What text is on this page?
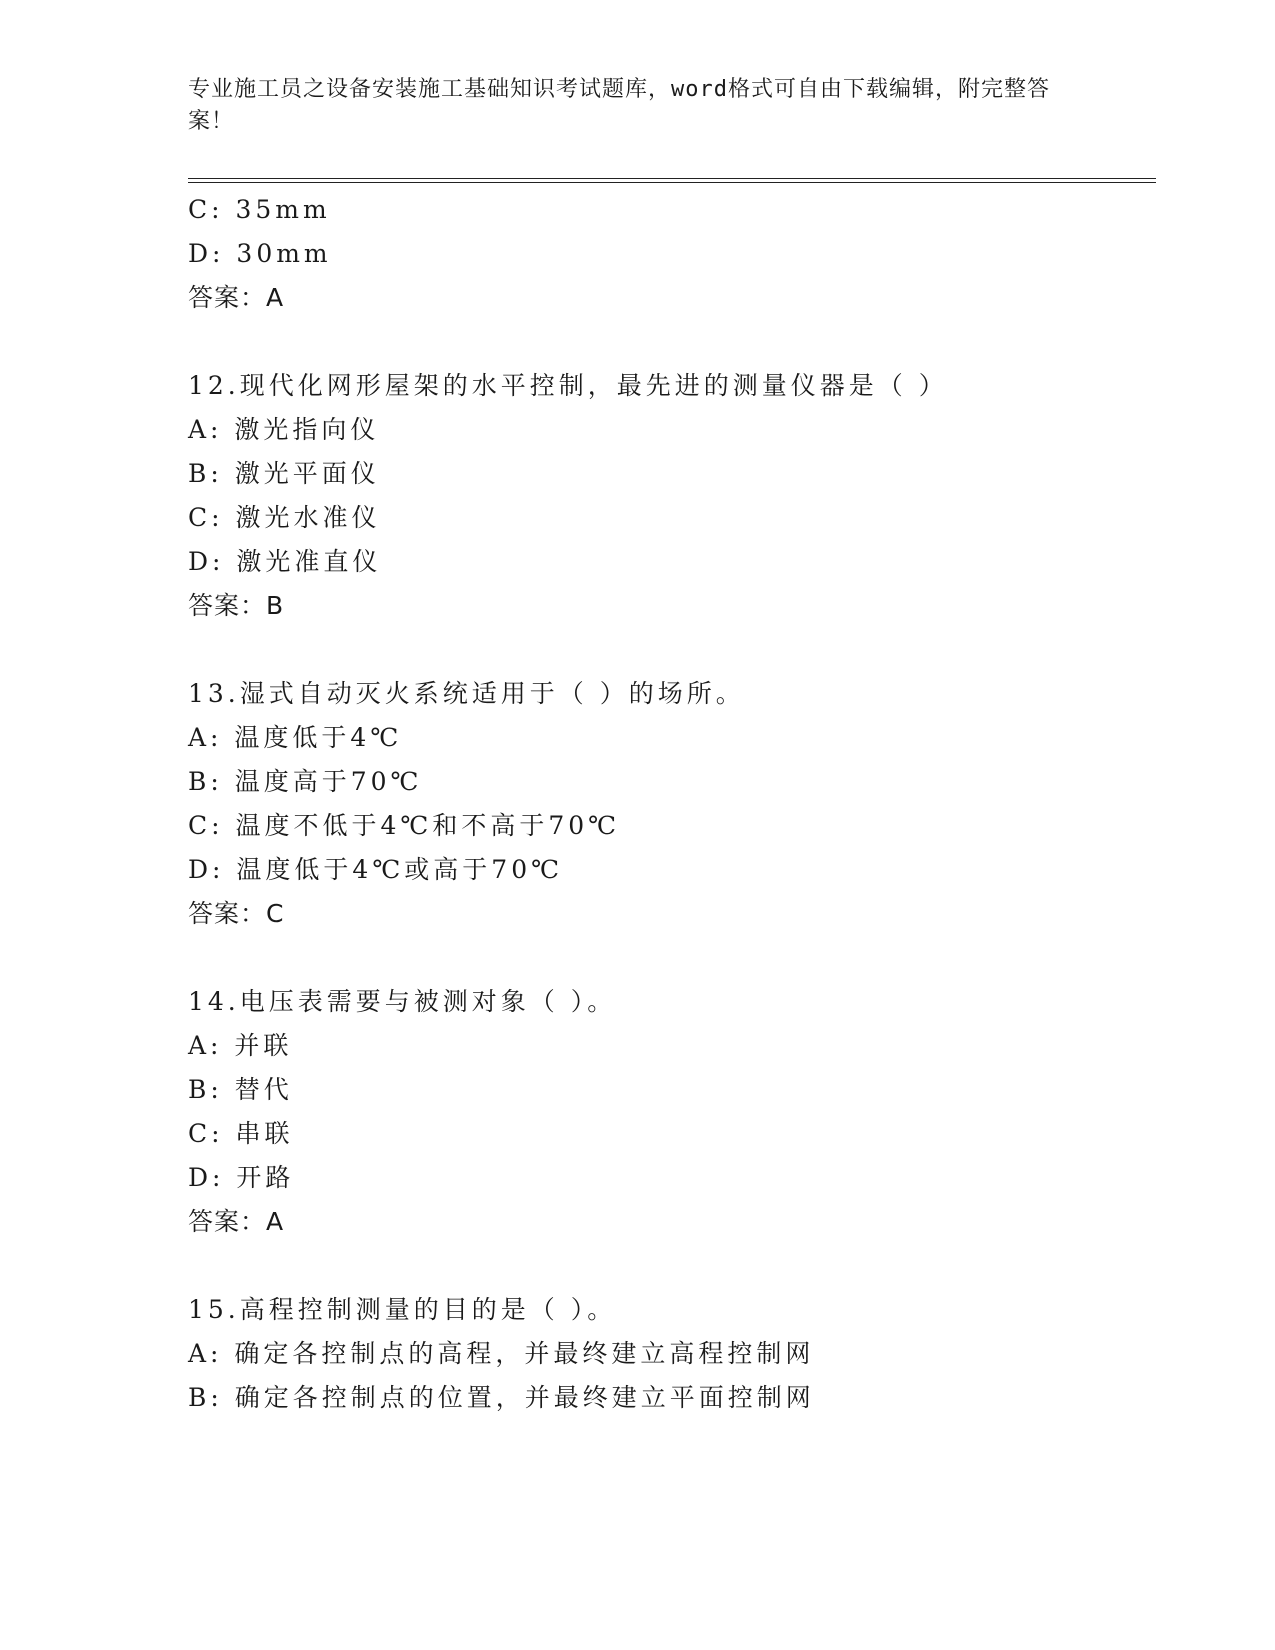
专业施工员之设备安装施工基础知识考试题库，word格式可自由下载编辑，附完整答案！
C: 35mm
D: 30mm
答案：A
12.现代化网形屋架的水平控制，最先进的测量仪器是（ ）
A: 激光指向仪
B: 激光平面仪
C: 激光水准仪
D: 激光准直仪
答案：B
13.湿式自动灭火系统适用于（ ）的场所。
A: 温度低于4℃
B: 温度高于70℃
C: 温度不低于4℃和不高于70℃
D: 温度低于4℃或高于70℃
答案：C
14.电压表需要与被测对象（ ）。
A: 并联
B: 替代
C: 串联
D: 开路
答案：A
15.高程控制测量的目的是（ ）。
A: 确定各控制点的高程，并最终建立高程控制网
B: 确定各控制点的位置，并最终建立平面控制网
